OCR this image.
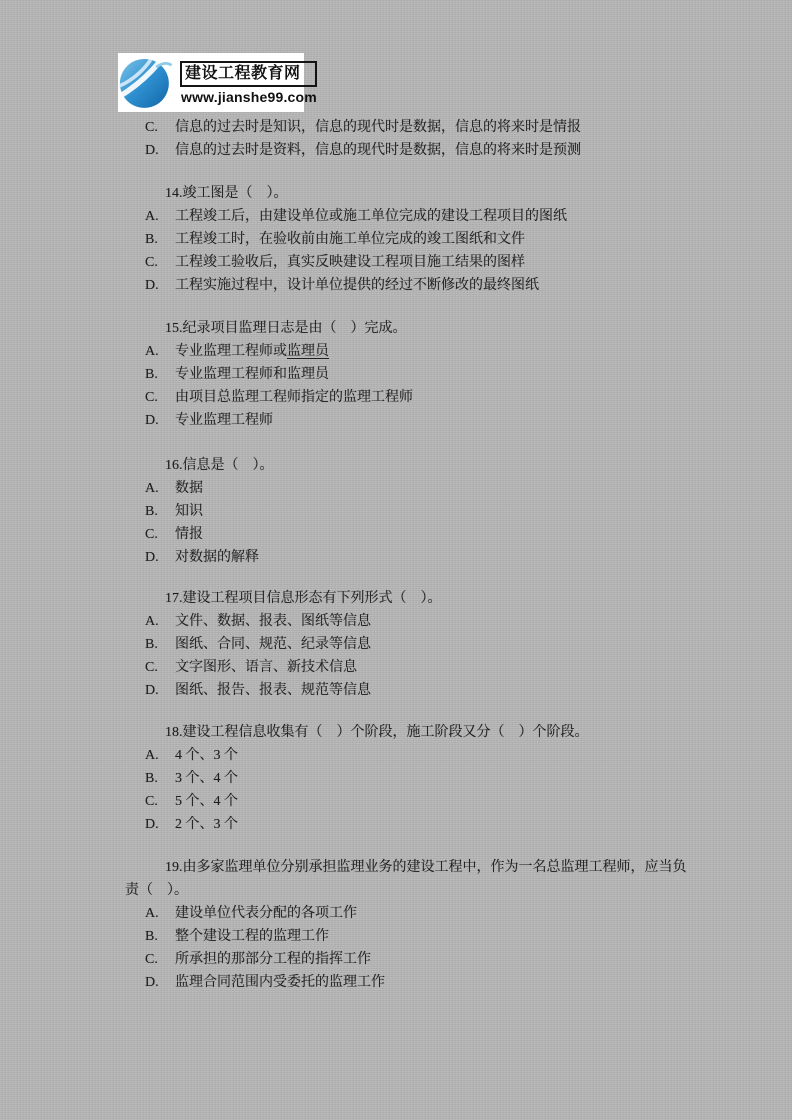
建设工程教育网
www.jianshe99.com
C. 信息的过去时是知识，信息的现代时是数据，信息的将来时是情报
D. 信息的过去时是资料，信息的现代时是数据，信息的将来时是预测
14.竣工图是（　）。
A. 工程竣工后，由建设单位或施工单位完成的建设工程项目的图纸
B. 工程竣工时，在验收前由施工单位完成的竣工图纸和文件
C. 工程竣工验收后，真实反映建设工程项目施工结果的图样
D. 工程实施过程中，设计单位提供的经过不断修改的最终图纸
15.纪录项目监理日志是由（　）完成。
A. 专业监理工程师或监理员
B. 专业监理工程师和监理员
C. 由项目总监理工程师指定的监理工程师
D. 专业监理工程师
16.信息是（　）。
A. 数据
B. 知识
C. 情报
D. 对数据的解释
17.建设工程项目信息形态有下列形式（　）。
A. 文件、数据、报表、图纸等信息
B. 图纸、合同、规范、纪录等信息
C. 文字图形、语言、新技术信息
D. 图纸、报告、报表、规范等信息
18.建设工程信息收集有（　）个阶段，施工阶段又分（　）个阶段。
A. 4 个、3 个
B. 3 个、4 个
C. 5 个、4 个
D. 2 个、3 个
19.由多家监理单位分别承担监理业务的建设工程中，作为一名总监理工程师，应当负责（　）。
A. 建设单位代表分配的各项工作
B. 整个建设工程的监理工作
C. 所承担的那部分工程的指挥工作
D. 监理合同范围内受委托的监理工作
